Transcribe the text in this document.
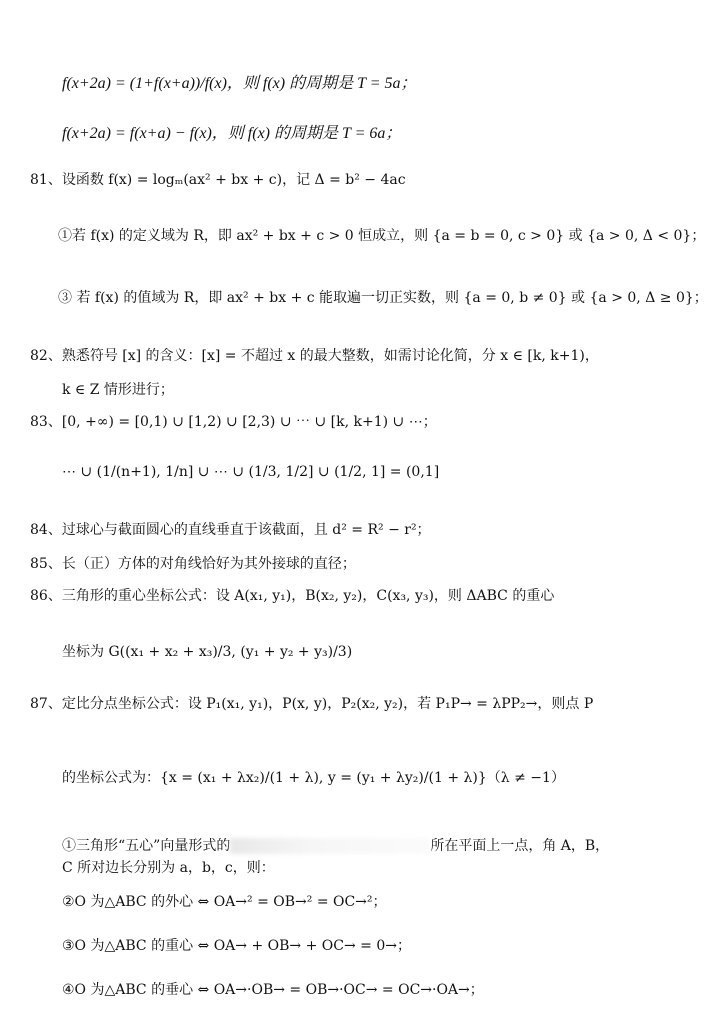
f(x+2a) = (1+f(x+a))/f(x)，则 f(x) 的周期是 T = 5a；
f(x+2a) = f(x+a) − f(x)，则 f(x) 的周期是 T = 6a；
81、设函数 f(x) = logₘ(ax² + bx + c)，记 Δ = b² − 4ac
①若 f(x) 的定义域为 R，即 ax² + bx + c > 0 恒成立，则 {a = b = 0, c > 0} 或 {a > 0, Δ < 0}；
③ 若 f(x) 的值域为 R，即 ax² + bx + c 能取遍一切正实数，则 {a = 0, b ≠ 0} 或 {a > 0, Δ ≥ 0}；
82、熟悉符号 [x] 的含义：[x] = 不超过 x 的最大整数，如需讨论化简，分 x ∈ [k, k+1)，
k ∈ Z 情形进行；
83、[0, +∞) = [0,1) ∪ [1,2) ∪ [2,3) ∪ ⋯ ∪ [k, k+1) ∪ ⋯；
⋯ ∪ (1/(n+1), 1/n] ∪ ⋯ ∪ (1/3, 1/2] ∪ (1/2, 1] = (0,1]
84、过球心与截面圆心的直线垂直于该截面，且 d² = R² − r²；
85、长（正）方体的对角线恰好为其外接球的直径；
86、三角形的重心坐标公式：设 A(x₁, y₁)，B(x₂, y₂)，C(x₃, y₃)，则 ΔABC 的重心
坐标为 G((x₁ + x₂ + x₃)/3, (y₁ + y₂ + y₃)/3)
87、定比分点坐标公式：设 P₁(x₁, y₁)，P(x, y)，P₂(x₂, y₂)，若 P₁P→ = λPP₂→，则点 P
的坐标公式为：{x = (x₁ + λx₂)/(1 + λ), y = (y₁ + λy₂)/(1 + λ)}（λ ≠ −1）
①三角形“五心”向量形式的	所在平面上一点，角 A，B，
C 所对边长分别为 a，b，c，则：
②O 为△ABC 的外心 ⇔ OA→² = OB→² = OC→²；
③O 为△ABC 的重心 ⇔ OA→ + OB→ + OC→ = 0→；
④O 为△ABC 的垂心 ⇔ OA→·OB→ = OB→·OC→ = OC→·OA→；
